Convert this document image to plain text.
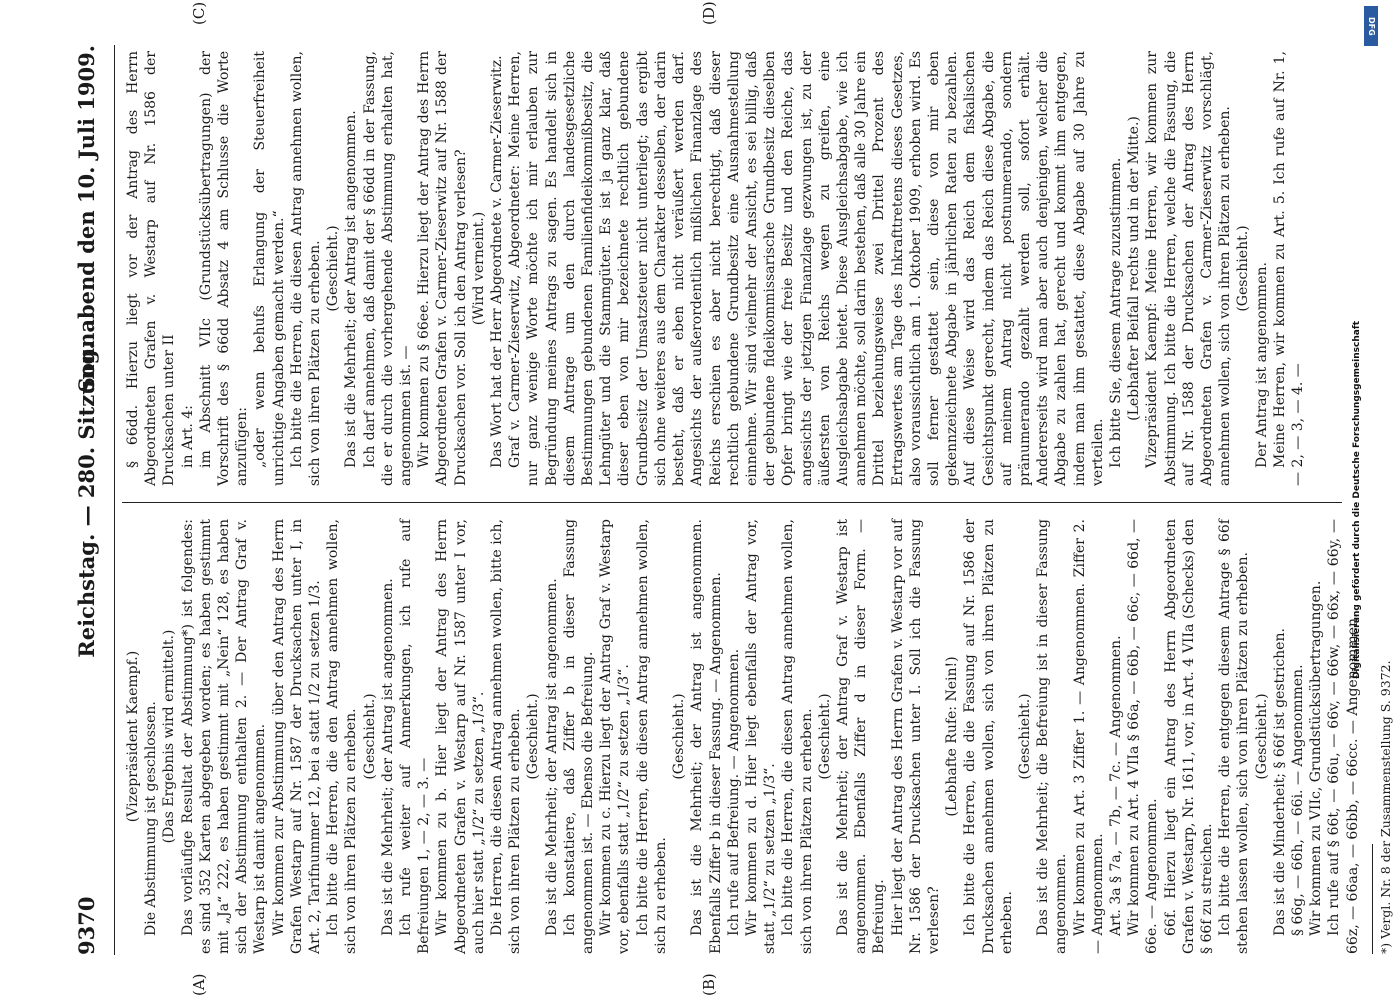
9370
Reichstag. — 280. Sitzung.
Sonnabend den 10. Juli 1909.
(A)	(B)
(C)	(D)

(Vizepräsident Kaempf.) Die Abstimmung ist geschlossen. (Das Ergebnis wird ermittelt.) Das vorläufige Resultat der Abstimmung*) ist folgendes: es sind 352 Karten abgegeben worden; es haben gestimmt mit „Ja“ 222, es haben gestimmt mit „Nein“ 128, es haben sich der Abstimmung enthalten 2. — Der Antrag Graf v. Westarp ist damit angenommen. Wir kommen zur Abstimmung über den Antrag des Herrn Grafen Westarp auf Nr. 1587 der Drucksachen unter I, in Art. 2, Tarifnummer 12, bei a statt 1/2 zu setzen 1/3. Ich bitte die Herren, die den Antrag annehmen wollen, sich von ihren Plätzen zu erheben. (Geschieht.) Das ist die Mehrheit; der Antrag ist angenommen. Ich rufe weiter auf Anmerkungen, ich rufe auf Befreiungen 1, — 2, — 3. — Wir kommen zu b. Hier liegt der Antrag des Herrn Abgeordneten Grafen v. Westarp auf Nr. 1587 unter I vor, auch hier statt „1/2“ zu setzen „1/3“. Die Herren, die diesen Antrag annehmen wollen, bitte ich, sich von ihren Plätzen zu erheben. (Geschieht.) Das ist die Mehrheit; der Antrag ist angenommen. Ich konstatiere, daß Ziffer b in dieser Fassung angenommen ist. — Ebenso die Befreiung. Wir kommen zu c. Hierzu liegt der Antrag Graf v. Westarp vor, ebenfalls statt „1/2“ zu setzen „1/3“. Ich bitte die Herren, die diesen Antrag annehmen wollen, sich zu erheben.

(Geschieht.) Das ist die Mehrheit; der Antrag ist angenommen. Ebenfalls Ziffer b in dieser Fassung. — Angenommen. Ich rufe auf Befreiung. — Angenommen. Wir kommen zu d. Hier liegt ebenfalls der Antrag vor, statt „1/2“ zu setzen „1/3“. Ich bitte die Herren, die diesen Antrag annehmen wollen, sich von ihren Plätzen zu erheben. (Geschieht.) Das ist die Mehrheit; der Antrag Graf v. Westarp ist angenommen. Ebenfalls Ziffer d in dieser Form. — Befreiung. Hier liegt der Antrag des Herrn Grafen v. Westarp vor auf Nr. 1586 der Drucksachen unter I. Soll ich die Fassung verlesen?

(Lebhafte Rufe: Nein!) Ich bitte die Herren, die die Fassung auf Nr. 1586 der Drucksachen annehmen wollen, sich von ihren Plätzen zu erheben.

(Geschieht.) Das ist die Mehrheit; die Befreiung ist in dieser Fassung angenommen. Wir kommen zu Art. 3 Ziffer 1. — Angenommen. Ziffer 2. — Angenommen. Art. 3a § 7a, — 7b, — 7c. — Angenommen. Wir kommen zu Art. 4 VIIa § 66a, — 66b, — 66c, — 66d, — 66e. — Angenommen. 66f. Hierzu liegt ein Antrag des Herrn Abgeordneten Grafen v. Westarp, Nr. 1611, vor, in Art. 4 VIIa (Schecks) den § 66f zu streichen. Ich bitte die Herren, die entgegen diesem Antrage § 66f stehen lassen wollen, sich von ihren Plätzen zu erheben. (Geschieht.) Das ist die Minderheit; § 66f ist gestrichen. § 66g, — 66h, — 66i. — Angenommen. Wir kommen zu VIIc, Grundstücksübertragungen. Ich rufe auf § 66t, — 66u, — 66v, — 66w, — 66x, — 66y, — 66z, — 66aa, — 66bb, — 66cc. — Angenommen. *) Vergl. Nr. 8 der Zusammenstellung S. 9372.

§ 66dd. Hierzu liegt vor der Antrag des Herrn Abgeordneten Grafen v. Westarp auf Nr. 1586 der Drucksachen unter II in Art. 4: im Abschnitt VIIc (Grundstücksübertragungen) der Vorschrift des § 66dd Absatz 4 am Schlusse die Worte anzufügen: „oder wenn behufs Erlangung der Steuerfreiheit unrichtige Angaben gemacht werden.“ Ich bitte die Herren, die diesen Antrag annehmen wollen, sich von ihren Plätzen zu erheben. (Geschieht.) Das ist die Mehrheit; der Antrag ist angenommen. Ich darf annehmen, daß damit der § 66dd in der Fassung, die er durch die vorhergehende Abstimmung erhalten hat, angenommen ist. — Wir kommen zu § 66ee. Hierzu liegt der Antrag des Herrn Abgeordneten Grafen v. Carmer-Zieserwitz auf Nr. 1588 der Drucksachen vor. Soll ich den Antrag verlesen? (Wird verneint.) Das Wort hat der Herr Abgeordnete v. Carmer-Zieserwitz. Graf v. Carmer-Zieserwitz, Abgeordneter: Meine Herren, nur ganz wenige Worte möchte ich mir erlauben zur Begründung meines Antrags zu sagen. Es handelt sich in diesem Antrage um den durch landesgesetzliche Bestimmungen gebundenen Familienfideikommißbesitz, die Lehngüter und die Stammgüter. Es ist ja ganz klar, daß dieser eben von mir bezeichnete rechtlich gebundene Grundbesitz der Umsatzsteuer nicht unterliegt; das ergibt sich ohne weiteres aus dem Charakter desselben, der darin besteht, daß er eben nicht veräußert werden darf. Angesichts der außerordentlich mißlichen Finanzlage des Reichs erschien es aber nicht berechtigt, daß dieser rechtlich gebundene Grundbesitz eine Ausnahmestellung einnehme. Wir sind vielmehr der Ansicht, es sei billig, daß der gebundene fideikommissarische Grundbesitz dieselben Opfer bringt wie der freie Besitz und den Reiche, das angesichts der jetzigen Finanzlage gezwungen ist, zu der äußersten von Reichs wegen zu greifen, eine Ausgleichsabgabe bietet. Diese Ausgleichsabgabe, wie ich annehmen möchte, soll darin bestehen, daß alle 30 Jahre ein Drittel beziehungsweise zwei Drittel Prozent des Ertragswertes am Tage des Inkrafttretens dieses Gesetzes, also voraussichtlich am 1. Oktober 1909, erhoben wird. Es soll ferner gestattet sein, diese von mir eben gekennzeichnete Abgabe in jährlichen Raten zu bezahlen. Auf diese Weise wird das Reich dem fiskalischen Gesichtspunkt gerecht, indem das Reich diese Abgabe, die auf meinem Antrag nicht postnumerando, sondern pränumerando gezahlt werden soll, sofort erhält. Andererseits wird man aber auch denjenigen, welcher die Abgabe zu zahlen hat, gerecht und kommt ihm entgegen, indem man ihm gestattet, diese Abgabe auf 30 Jahre zu verteilen. Ich bitte Sie, diesem Antrage zuzustimmen. (Lebhafter Beifall rechts und in der Mitte.) Vizepräsident Kaempf: Meine Herren, wir kommen zur Abstimmung. Ich bitte die Herren, welche die Fassung, die auf Nr. 1588 der Drucksachen der Antrag des Herrn Abgeordneten Grafen v. Carmer-Zieserwitz vorschlägt, annehmen wollen, sich von ihren Plätzen zu erheben. (Geschieht.) Der Antrag ist angenommen. Meine Herren, wir kommen zu Art. 5. Ich rufe auf Nr. 1, — 2, — 3, — 4. —	Digitalisierung gefördert durch die Deutsche Forschungsgemeinschaft
DFG
